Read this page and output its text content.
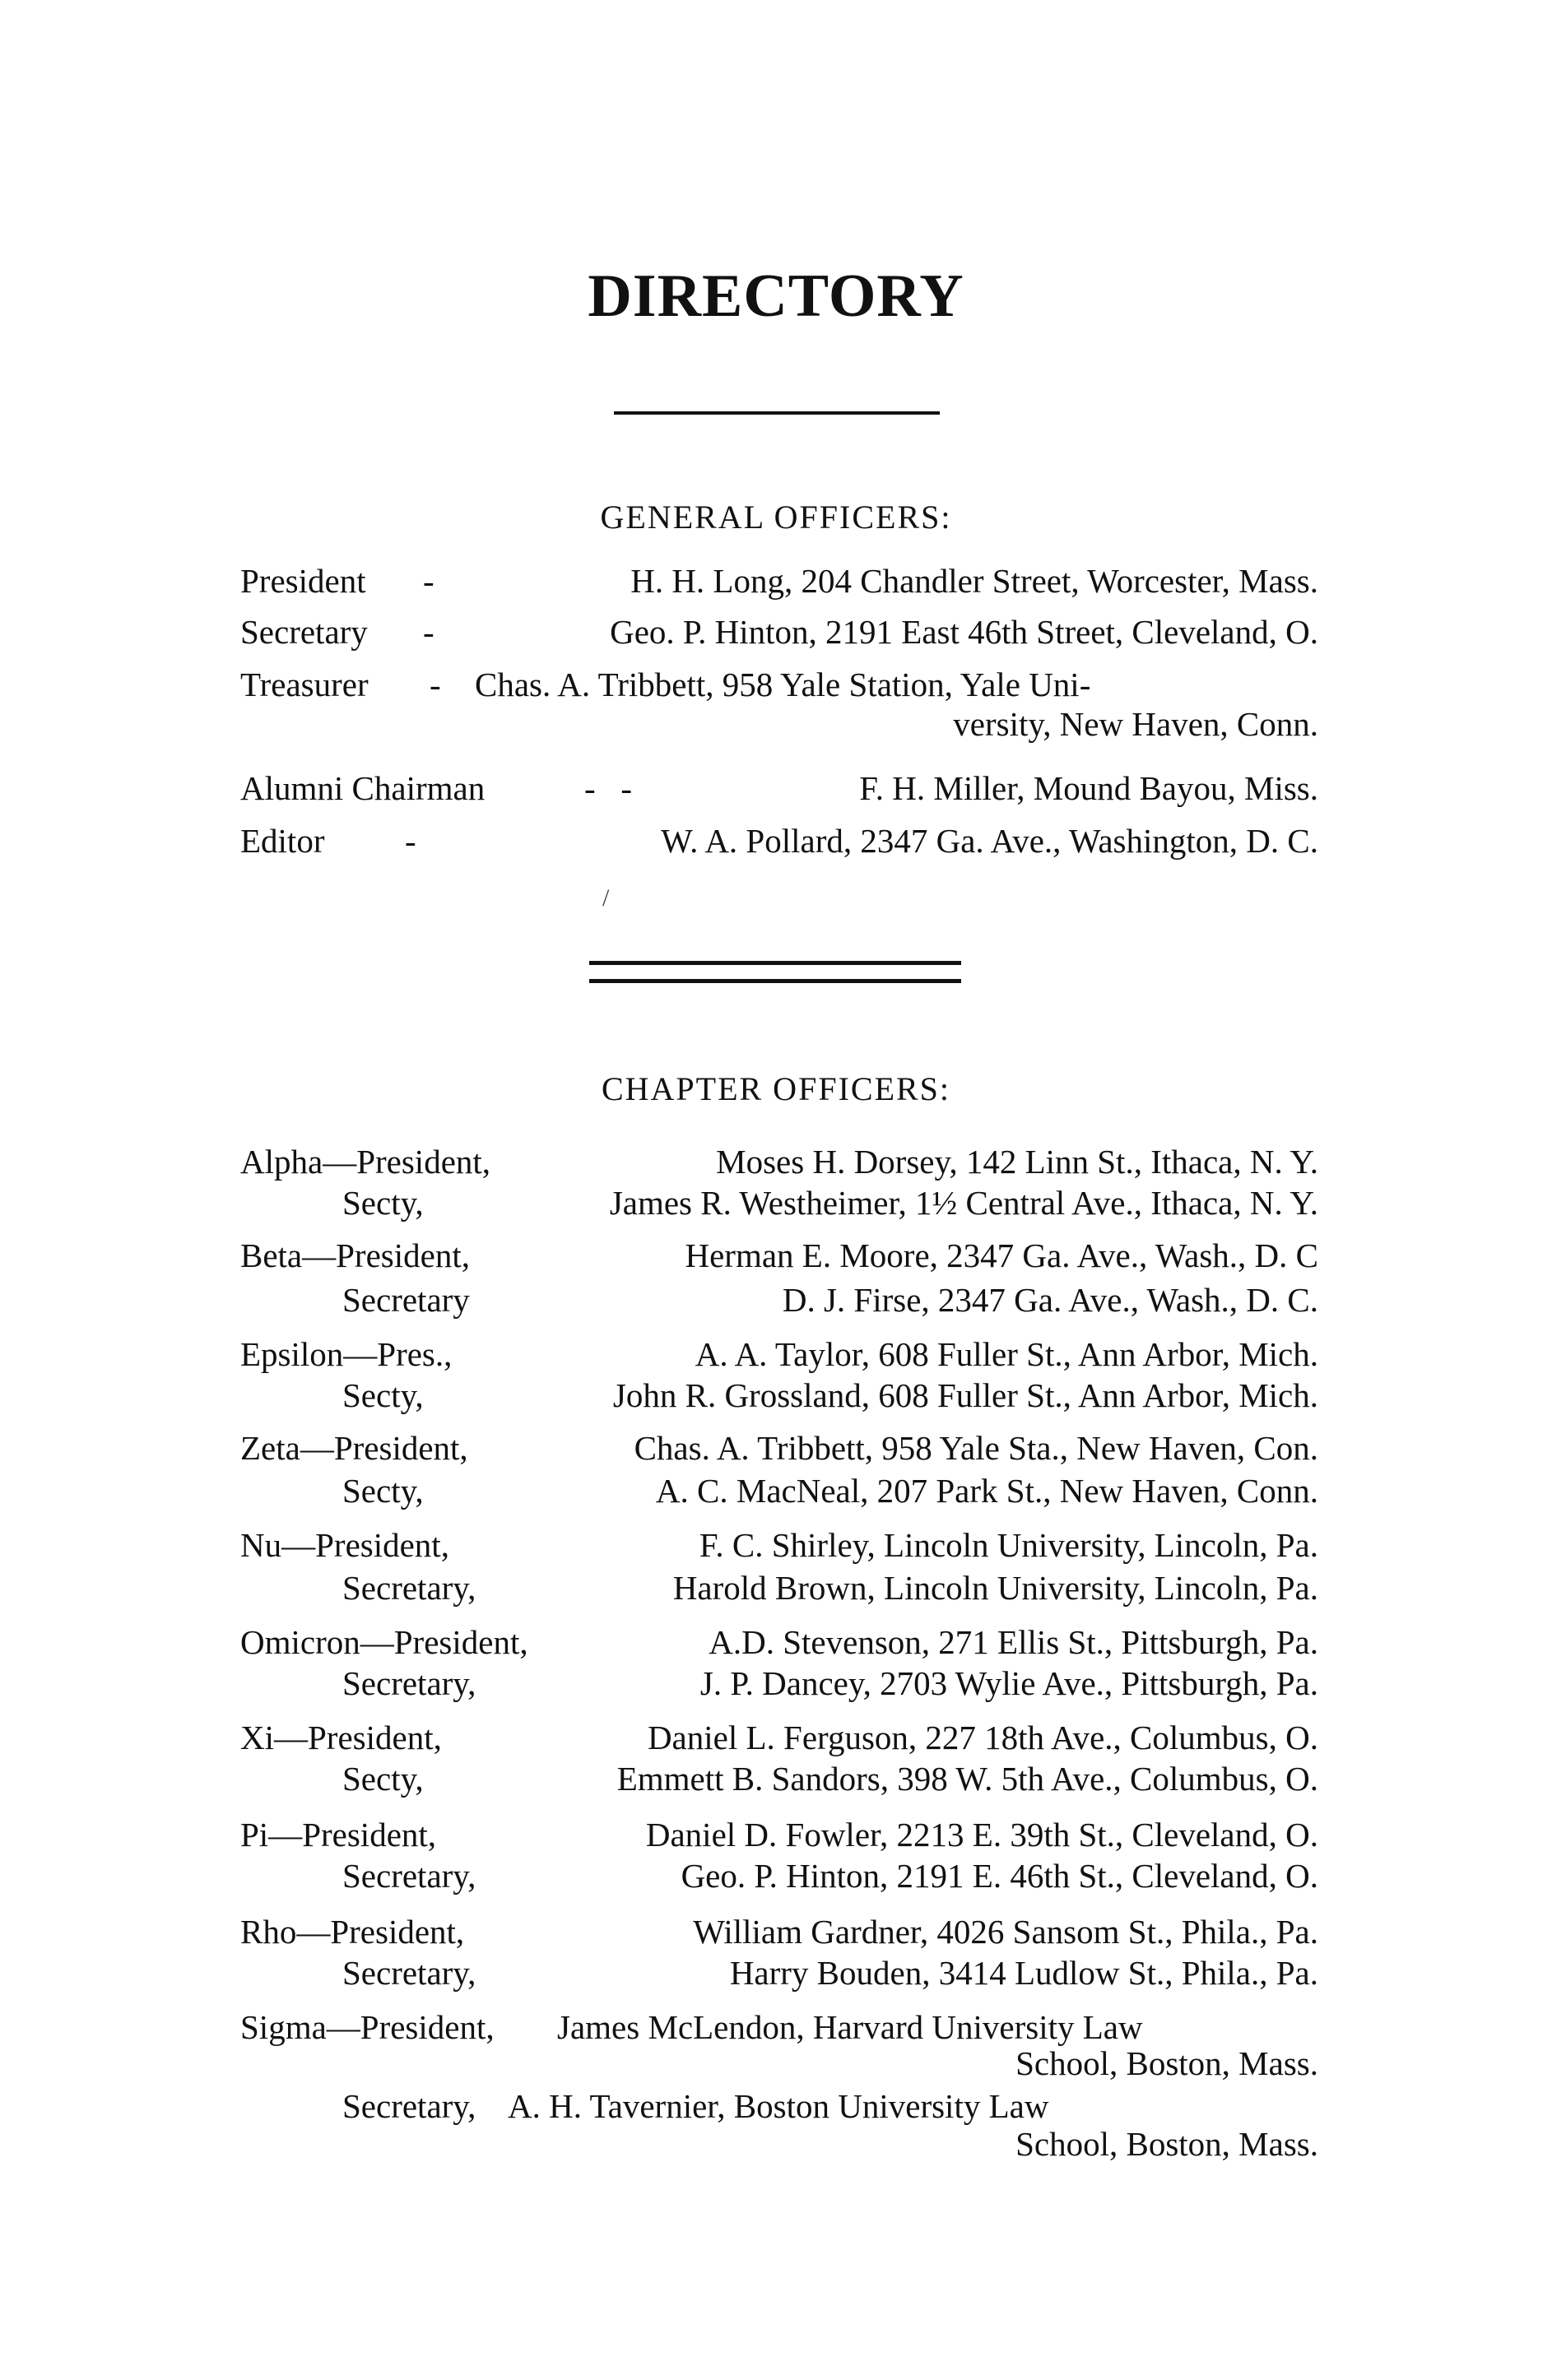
DIRECTORY
GENERAL OFFICERS:
President -	H. H. Long, 204 Chandler Street, Worcester, Mass.
Secretary -	Geo. P. Hinton, 2191 East 46th Street, Cleveland, O.
Treasurer - Chas. A. Tribbett, 958 Yale Station, Yale Uni-
versity, New Haven, Conn.
Alumni Chairman	-   -	F. H. Miller, Mound Bayou, Miss.
Editor -	W. A. Pollard, 2347 Ga. Ave., Washington, D. C.
/
CHAPTER OFFICERS:
Alpha—President,	Moses H. Dorsey, 142 Linn St., Ithaca, N. Y.
Secty,	James R. Westheimer, 1½ Central Ave., Ithaca, N. Y.
Beta—President,	Herman E. Moore, 2347 Ga. Ave., Wash., D. C
Secretary	D. J. Firse, 2347 Ga. Ave., Wash., D. C.
Epsilon—Pres.,	A. A. Taylor, 608 Fuller St., Ann Arbor, Mich.
Secty,	John R. Grossland, 608 Fuller St., Ann Arbor, Mich.
Zeta—President,	Chas. A. Tribbett, 958 Yale Sta., New Haven, Con.
Secty,	A. C. MacNeal, 207 Park St., New Haven, Conn.
Nu—President,	F. C. Shirley, Lincoln University, Lincoln, Pa.
Secretary,	Harold Brown, Lincoln University, Lincoln, Pa.
Omicron—President,	A.D. Stevenson, 271 Ellis St., Pittsburgh, Pa.
Secretary,	J. P. Dancey, 2703 Wylie Ave., Pittsburgh, Pa.
Xi—President,	Daniel L. Ferguson, 227 18th Ave., Columbus, O.
Secty,	Emmett B. Sandors, 398 W. 5th Ave., Columbus, O.
Pi—President,	Daniel D. Fowler, 2213 E. 39th St., Cleveland, O.
Secretary,	Geo. P. Hinton, 2191 E. 46th St., Cleveland, O.
Rho—President,	William Gardner, 4026 Sansom St., Phila., Pa.
Secretary,	Harry Bouden, 3414 Ludlow St., Phila., Pa.
Sigma—President, James McLendon, Harvard University Law
School, Boston, Mass.
Secretary, A. H. Tavernier, Boston University Law
School, Boston, Mass.
